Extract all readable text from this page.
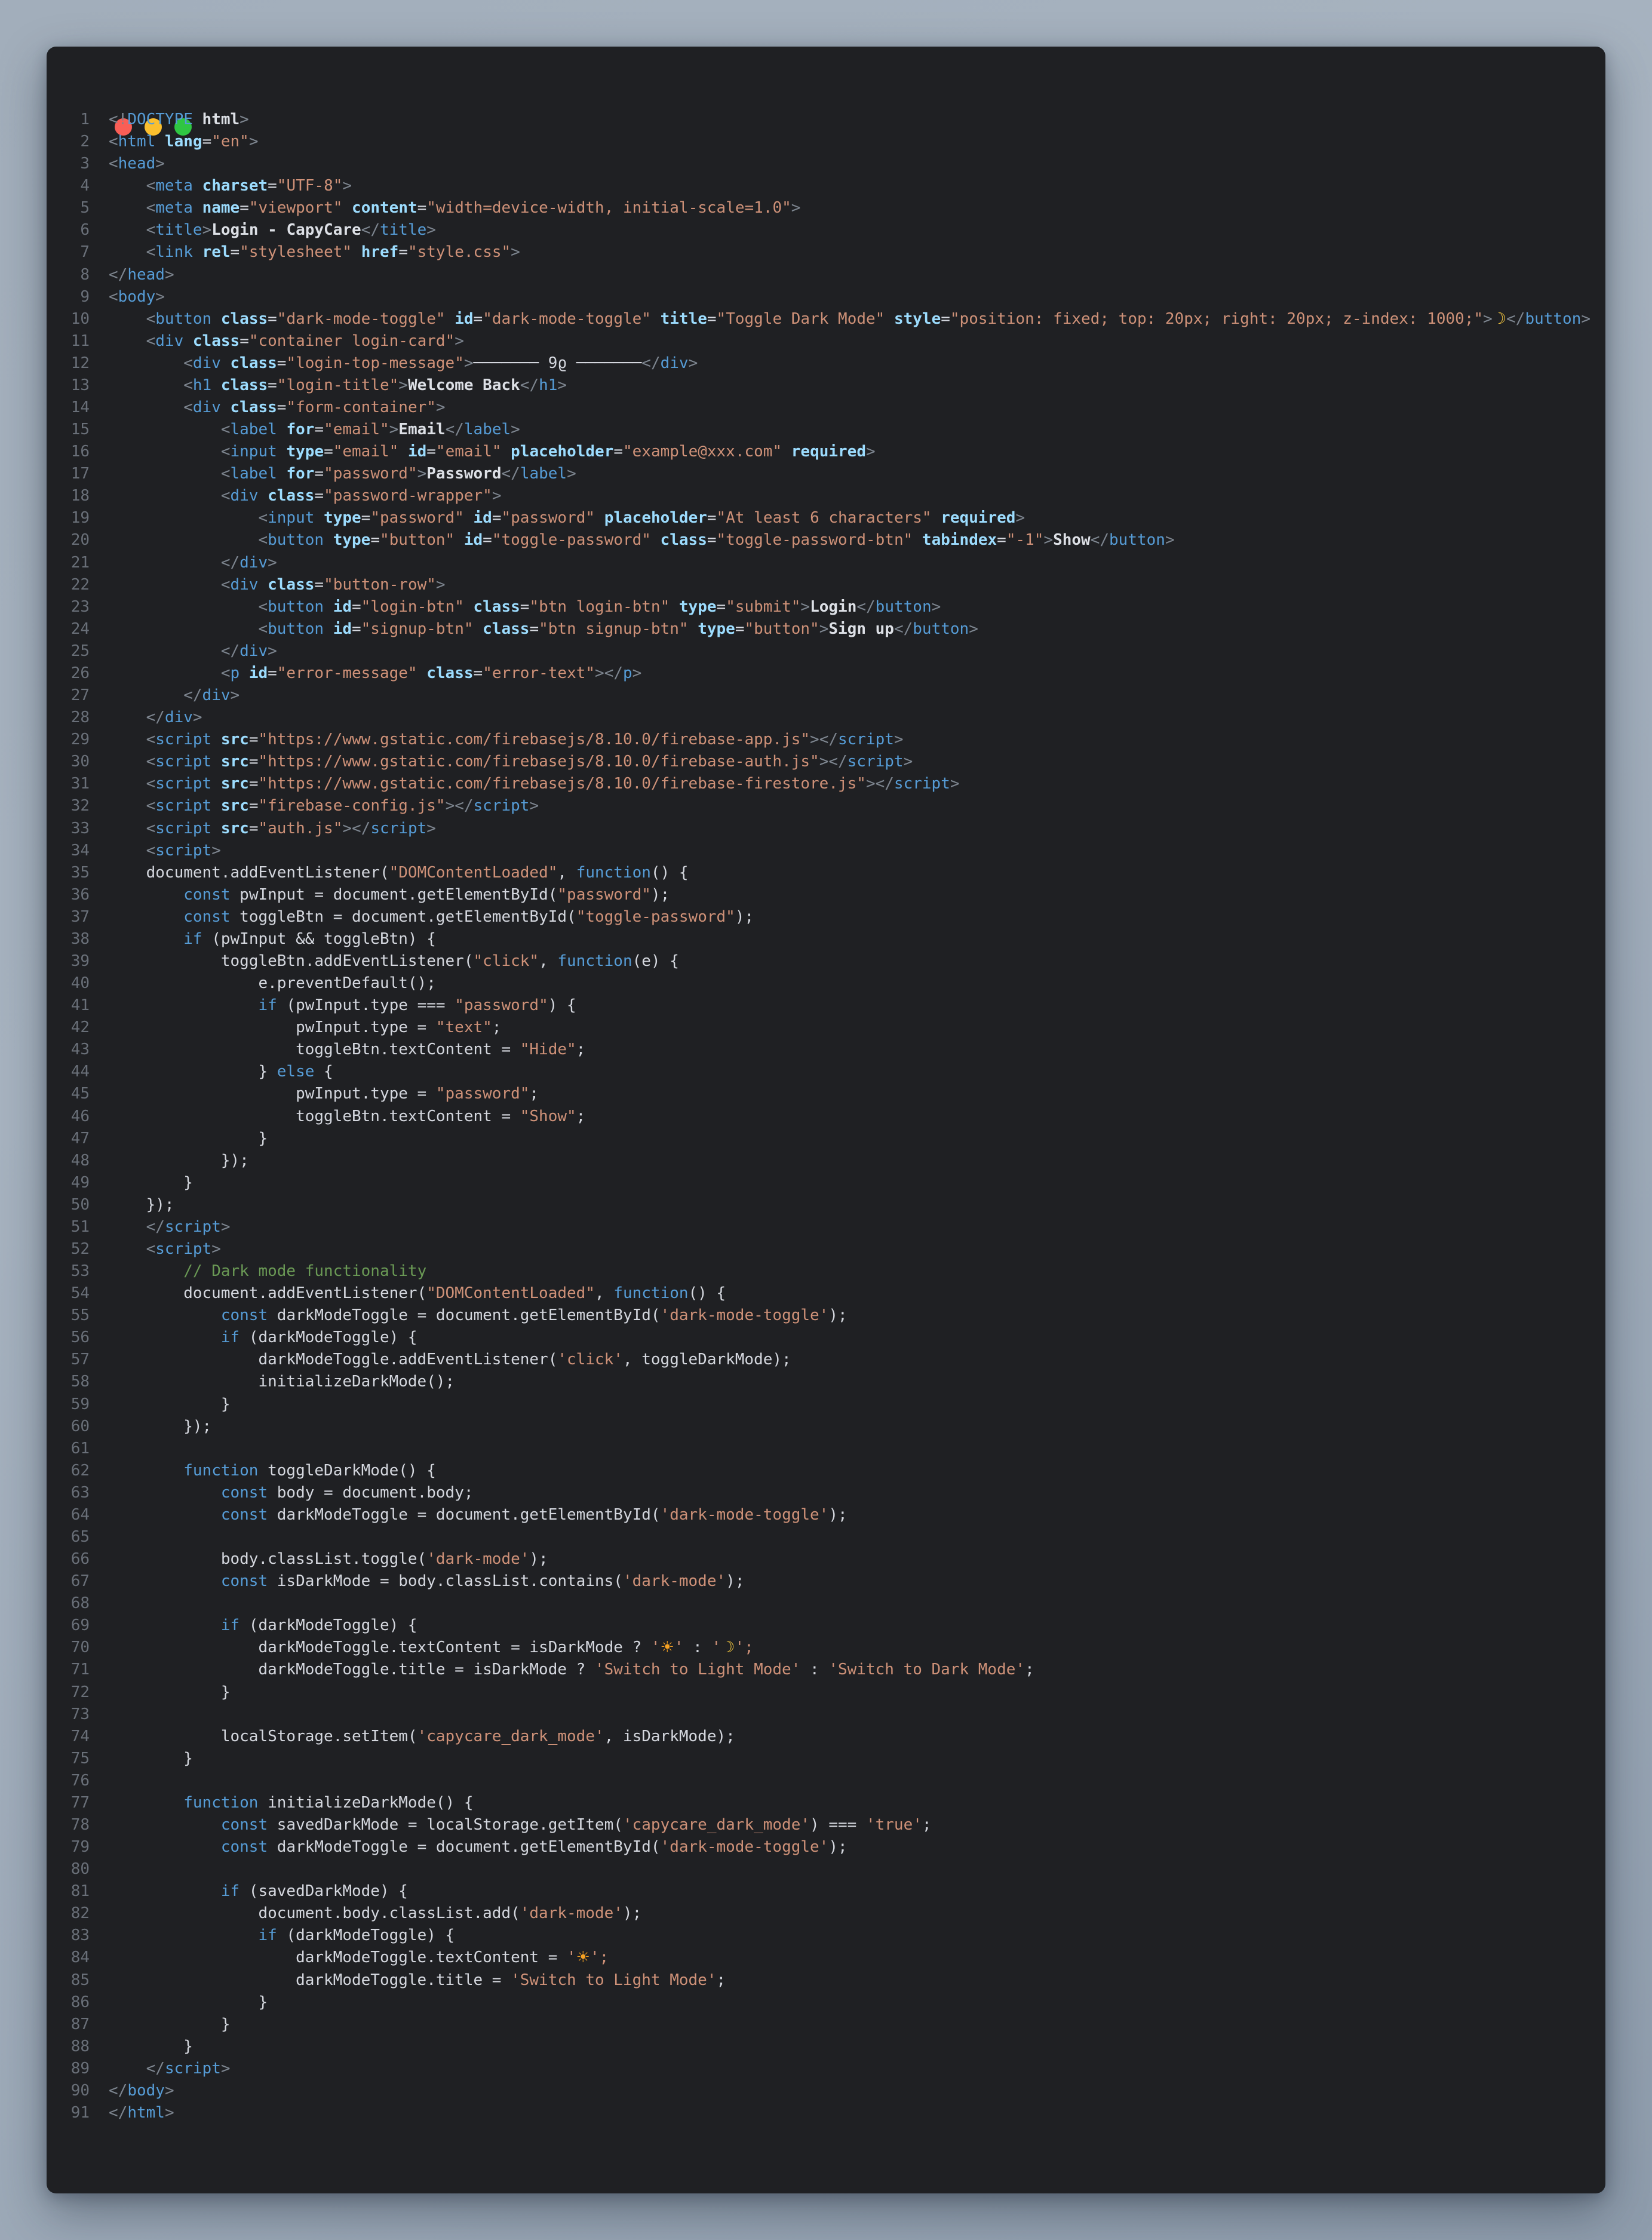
1 <!DOCTYPE html>
2 <html lang="en">
3 <head>
4	<meta charset="UTF-8">
5	<meta name="viewport" content="width=device-width, initial-scale=1.0">
6	<title>Login - CapyCare</title>
7	<link rel="stylesheet" href="style.css">
8 </head>
9 <body>
10	<button class="dark-mode-toggle" id="dark-mode-toggle" title="Toggle Dark Mode" style="position: fixed; top: 20px; right: 20px; z-index: 1000;">☽</button>
11	<div class="container login-card">
12	<div class="login-top-message">─────── 9ϱ ───────</div>
13	<h1 class="login-title">Welcome Back</h1>
14	<div class="form-container">
15	<label for="email">Email</label>
16	<input type="email" id="email" placeholder="example@xxx.com" required>
17	<label for="password">Password</label>
18	<div class="password-wrapper">
19	<input type="password" id="password" placeholder="At least 6 characters" required>
20	<button type="button" id="toggle-password" class="toggle-password-btn" tabindex="-1">Show</button>
21	</div>
22	<div class="button-row">
23	<button id="login-btn" class="btn login-btn" type="submit">Login</button>
24	<button id="signup-btn" class="btn signup-btn" type="button">Sign up</button>
25	</div>
26	<p id="error-message" class="error-text"></p>
27	</div>
28	</div>
29	<script src="https://www.gstatic.com/firebasejs/8.10.0/firebase-app.js"></script>
30	<script src="https://www.gstatic.com/firebasejs/8.10.0/firebase-auth.js"></script>
31	<script src="https://www.gstatic.com/firebasejs/8.10.0/firebase-firestore.js"></script>
32	<script src="firebase-config.js"></script>
33	<script src="auth.js"></script>
34	<script>
35 document.addEventListener("DOMContentLoaded", function() {
36	const pwInput = document.getElementById("password");
37	const toggleBtn = document.getElementById("toggle-password");
38	if (pwInput && toggleBtn) {
39 toggleBtn.addEventListener("click", function(e) {
40 e.preventDefault();
41	if (pwInput.type === "password") {
42 pwInput.type = "text";
43 toggleBtn.textContent = "Hide";
44 } else {
45 pwInput.type = "password";
46 toggleBtn.textContent = "Show";
47 }
48 });
49 }
50 });
51	</script>
52	<script>
53	// Dark mode functionality
54 document.addEventListener("DOMContentLoaded", function() {
55	const darkModeToggle = document.getElementById('dark-mode-toggle');
56	if (darkModeToggle) {
57 darkModeToggle.addEventListener('click', toggleDarkMode);
58 initializeDarkMode();
59 }
60 });
61
62	function toggleDarkMode() {
63	const body = document.body;
64	const darkModeToggle = document.getElementById('dark-mode-toggle');
65
66 body.classList.toggle('dark-mode');
67	const isDarkMode = body.classList.contains('dark-mode');
68
69	if (darkModeToggle) {
70 darkModeToggle.textContent = isDarkMode ? '☀' : '☽';
71 darkModeToggle.title = isDarkMode ? 'Switch to Light Mode' : 'Switch to Dark Mode';
72 }
73
74 localStorage.setItem('capycare_dark_mode', isDarkMode);
75 }
76
77	function initializeDarkMode() {
78	const savedDarkMode = localStorage.getItem('capycare_dark_mode') === 'true';
79	const darkModeToggle = document.getElementById('dark-mode-toggle');
80
81	if (savedDarkMode) {
82 document.body.classList.add('dark-mode');
83	if (darkModeToggle) {
84 darkModeToggle.textContent = '☀';
85 darkModeToggle.title = 'Switch to Light Mode';
86 }
87 }
88 }
89	</script>
90 </body>
91 </html>
